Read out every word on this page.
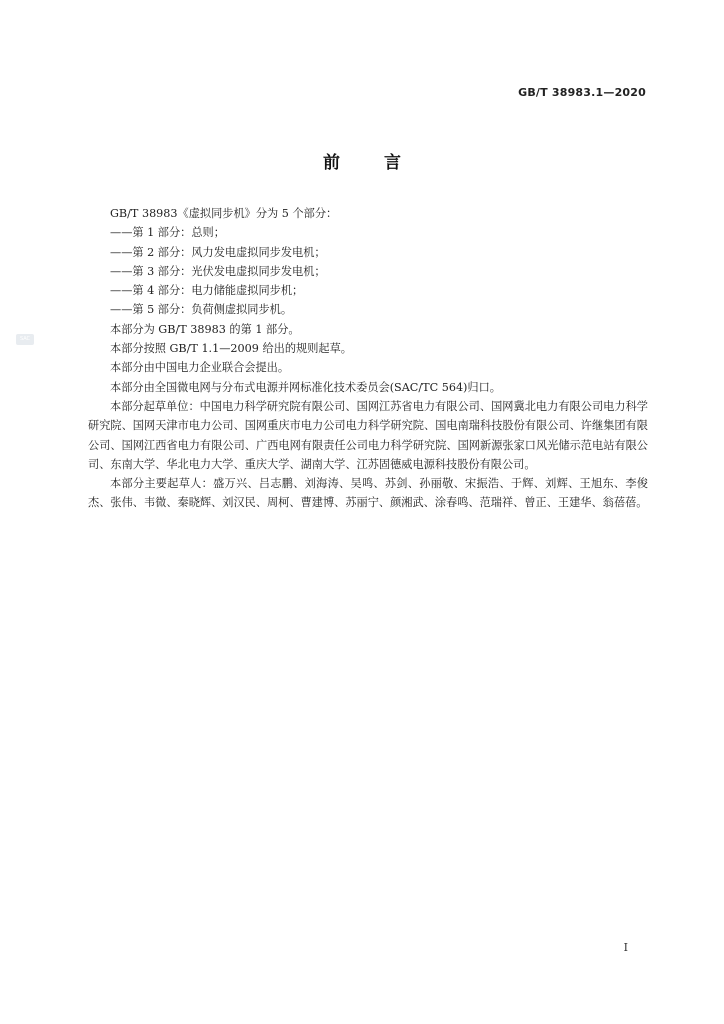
GB/T 38983.1—2020
前言
SAC

GB/T 38983《虚拟同步机》分为 5 个部分：

——第 1 部分：总则；

——第 2 部分：风力发电虚拟同步发电机；

——第 3 部分：光伏发电虚拟同步发电机；

——第 4 部分：电力储能虚拟同步机；

——第 5 部分：负荷侧虚拟同步机。

本部分为 GB/T 38983 的第 1 部分。

本部分按照 GB/T 1.1—2009 给出的规则起草。

本部分由中国电力企业联合会提出。

本部分由全国微电网与分布式电源并网标准化技术委员会(SAC/TC 564)归口。

本部分起草单位：中国电力科学研究院有限公司、国网江苏省电力有限公司、国网冀北电力有限公司电力科学研究院、国网天津市电力公司、国网重庆市电力公司电力科学研究院、国电南瑞科技股份有限公司、许继集团有限公司、国网江西省电力有限公司、广西电网有限责任公司电力科学研究院、国网新源张家口风光储示范电站有限公司、东南大学、华北电力大学、重庆大学、湖南大学、江苏固德威电源科技股份有限公司。

本部分主要起草人：盛万兴、吕志鹏、刘海涛、吴鸣、苏剑、孙丽敬、宋振浩、于辉、刘辉、王旭东、李俊杰、张伟、韦微、秦晓辉、刘汉民、周柯、曹建博、苏丽宁、颜湘武、涂春鸣、范瑞祥、曾正、王建华、翁蓓蓓。

I
